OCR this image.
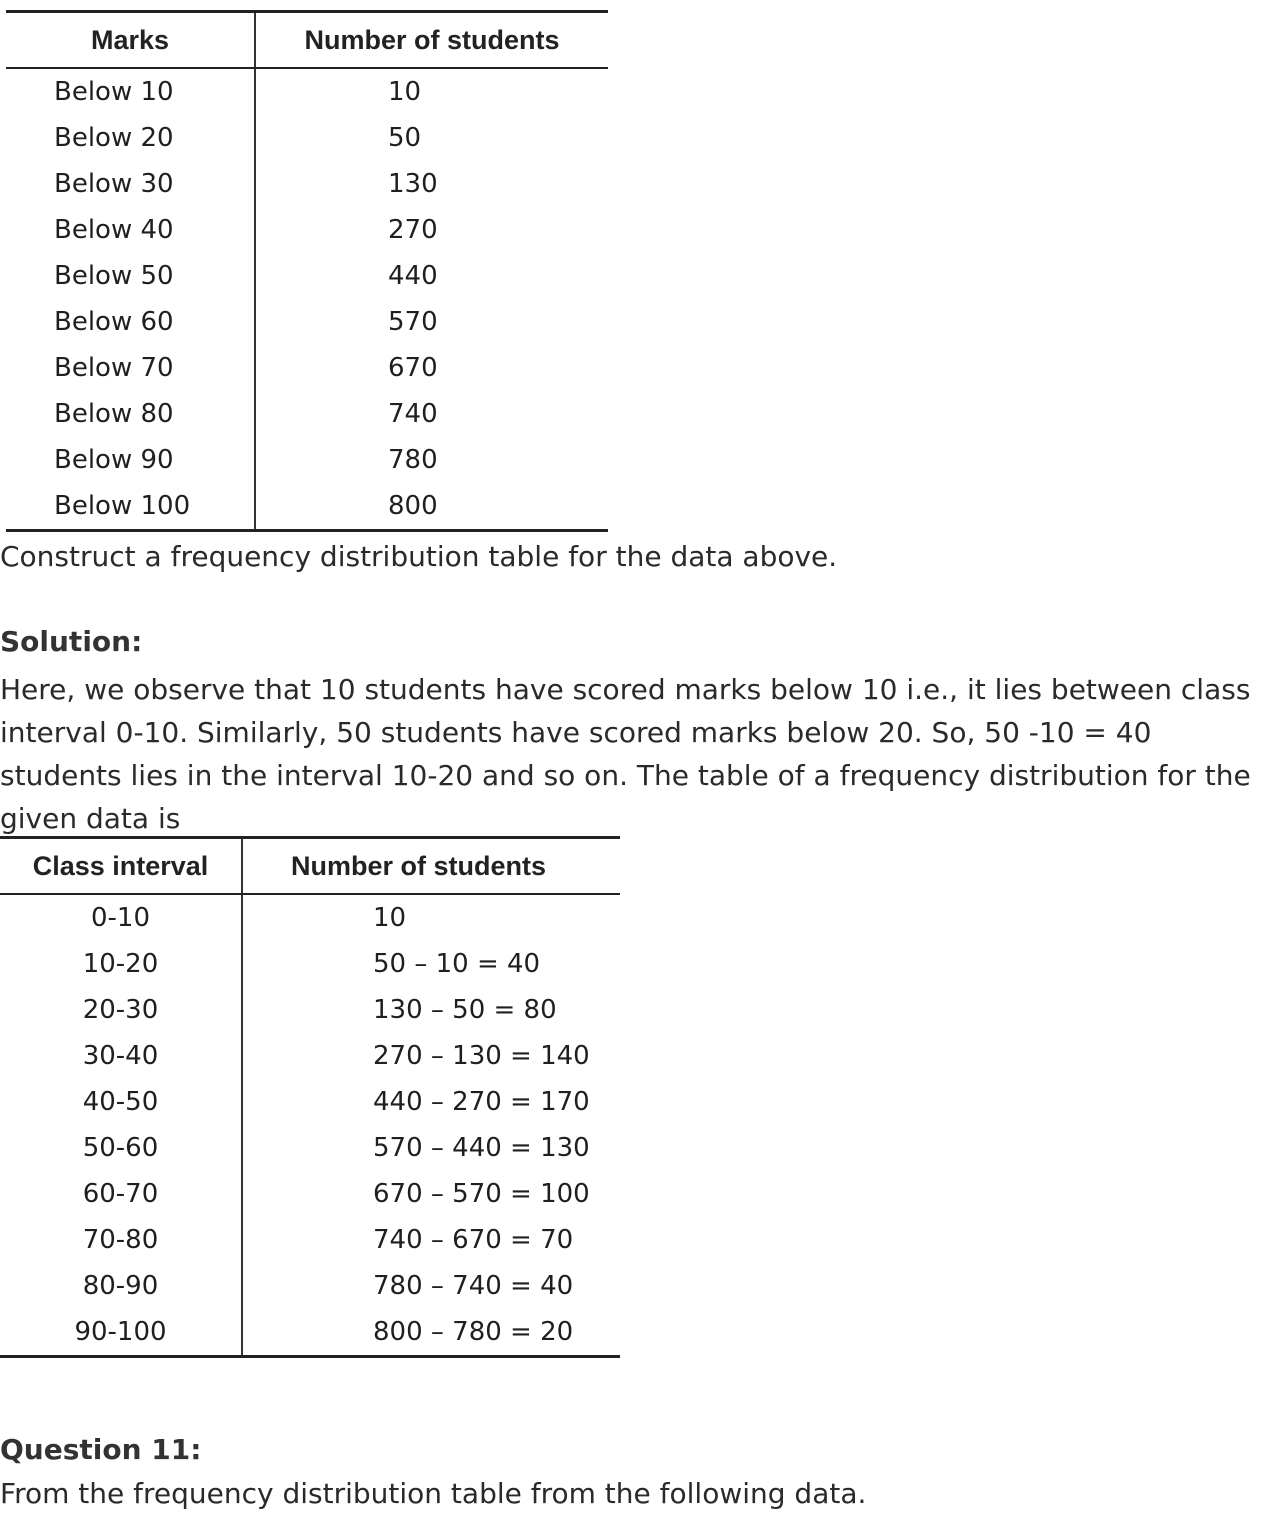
Marks	Number of students
Below 10	10
Below 20	50
Below 30	130
Below 40	270
Below 50	440
Below 60	570
Below 70	670
Below 80	740
Below 90	780
Below 100	800
Construct a frequency distribution table for the data above.
Solution:
Here, we observe that 10 students have scored marks below 10 i.e., it lies between class interval 0-10. Similarly, 50 students have scored marks below 20. So, 50 -10 = 40 students lies in the interval 10-20 and so on. The table of a frequency distribution for the given data is
Class interval	Number of students
0-10	10
10-20	50 – 10 = 40
20-30	130 – 50 = 80
30-40	270 – 130 = 140
40-50	440 – 270 = 170
50-60	570 – 440 = 130
60-70	670 – 570 = 100
70-80	740 – 670 = 70
80-90	780 – 740 = 40
90-100	800 – 780 = 20
Question 11:
From the frequency distribution table from the following data.
